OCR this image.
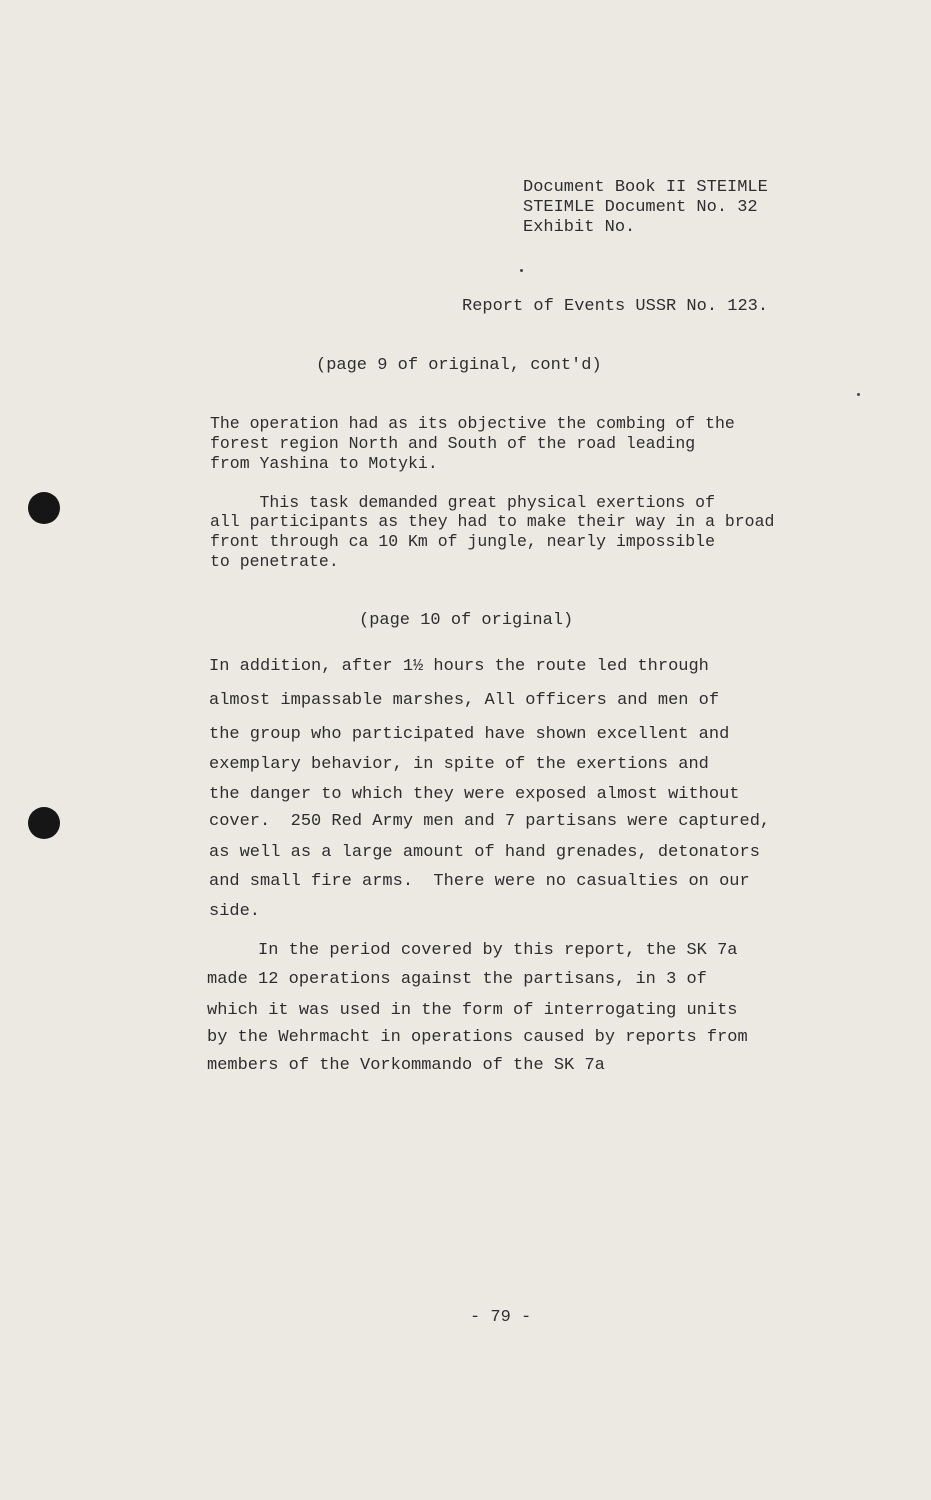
Document Book II STEIMLE
STEIMLE Document No. 32
Exhibit No.
Report of Events USSR No. 123.
(page 9 of original, cont'd)
The operation had as its objective the combing of the
forest region North and South of the road leading
from Yashina to Motyki.
This task demanded great physical exertions of
all participants as they had to make their way in a broad
front through ca 10 Km of jungle, nearly impossible
to penetrate.
(page 10 of original)
In addition, after 1½ hours the route led through
almost impassable marshes, All officers and men of
the group who participated have shown excellent and
exemplary behavior, in spite of the exertions and
the danger to which they were exposed almost without
cover.  250 Red Army men and 7 partisans were captured,
as well as a large amount of hand grenades, detonators
and small fire arms.  There were no casualties on our
side.
In the period covered by this report, the SK 7a
made 12 operations against the partisans, in 3 of
which it was used in the form of interrogating units
by the Wehrmacht in operations caused by reports from
members of the Vorkommando of the SK 7a
- 79 -
